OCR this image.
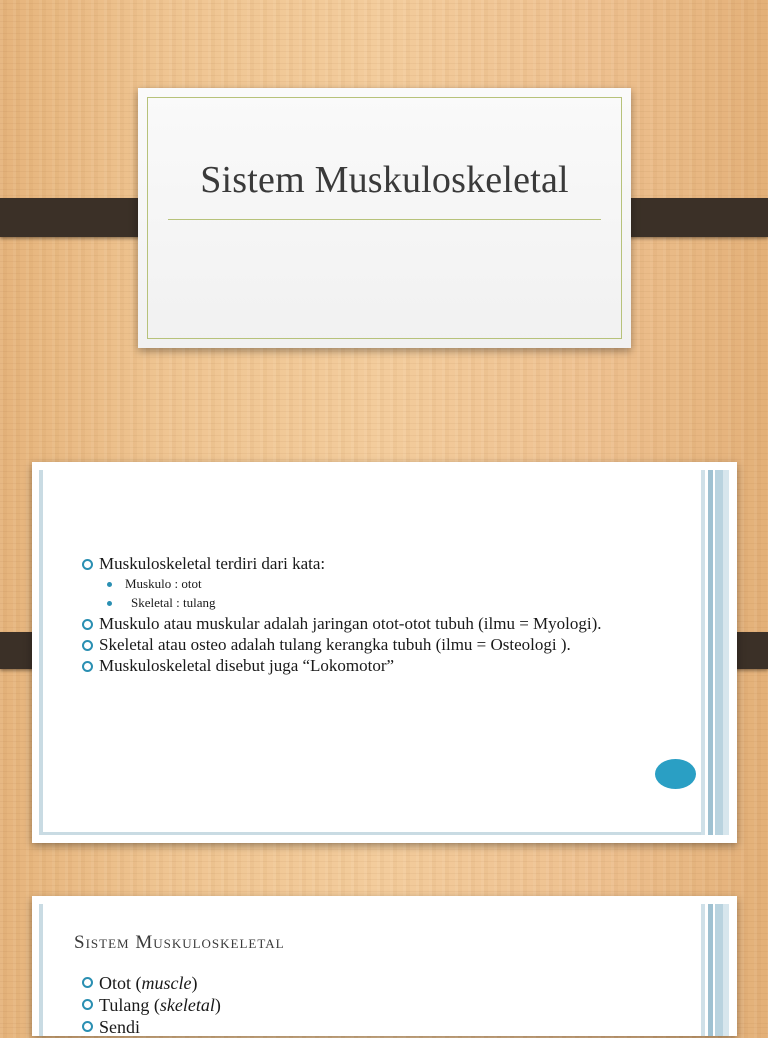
Sistem Muskuloskeletal
Muskuloskeletal terdiri dari kata:
Muskulo : otot
Skeletal : tulang
Muskulo atau muskular adalah jaringan otot-otot tubuh (ilmu = Myologi).
Skeletal atau osteo adalah tulang kerangka tubuh (ilmu = Osteologi ).
Muskuloskeletal disebut juga “Lokomotor”
Sistem Muskuloskeletal
Otot (muscle)
Tulang (skeletal)
Sendi
